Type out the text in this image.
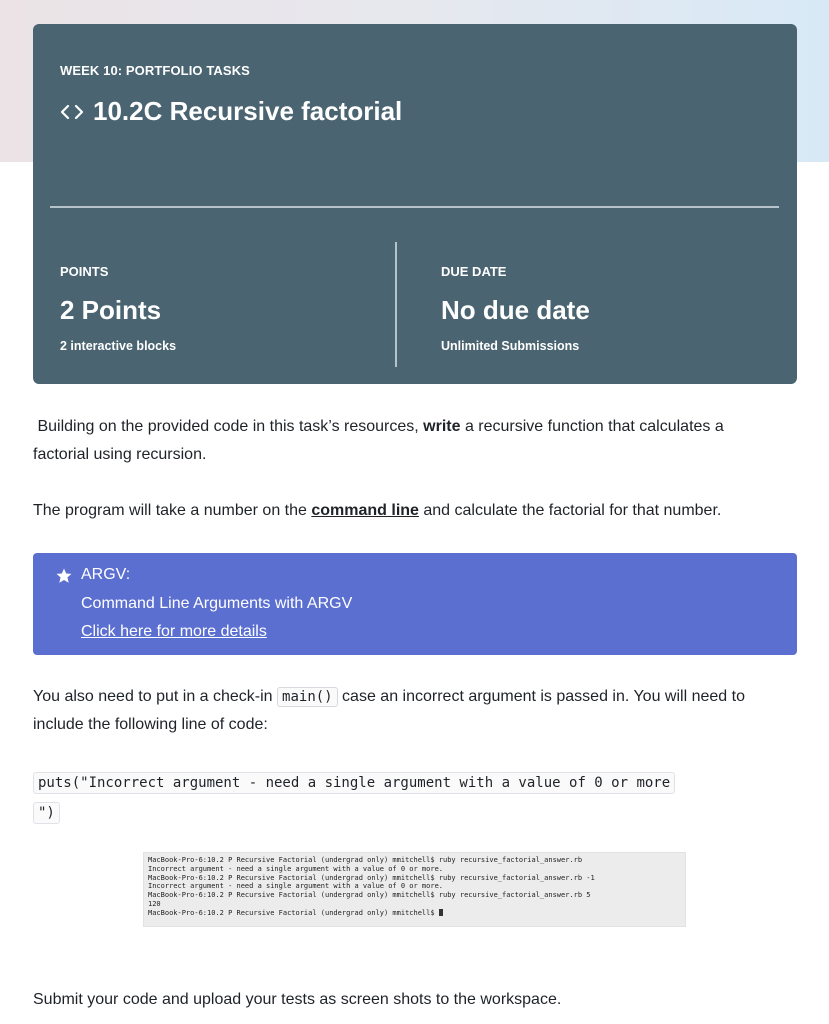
WEEK 10: PORTFOLIO TASKS
10.2C Recursive factorial
POINTS
2 Points
2 interactive blocks
DUE DATE
No due date
Unlimited Submissions
Building on the provided code in this task’s resources, write a recursive function that calculates a
factorial using recursion.
The program will take a number on the command line and calculate the factorial for that number.
ARGV:
Command Line Arguments with ARGV
Click here for more details
You also need to put in a check-in main() case an incorrect argument is passed in. You will need to
include the following line of code:
puts("Incorrect argument - need a single argument with a value of 0 or more
")
MacBook-Pro-6:10.2 P Recursive Factorial (undergrad only) mmitchell$ ruby recursive_factorial_answer.rb
Incorrect argument - need a single argument with a value of 0 or more.
MacBook-Pro-6:10.2 P Recursive Factorial (undergrad only) mmitchell$ ruby recursive_factorial_answer.rb -1
Incorrect argument - need a single argument with a value of 0 or more.
MacBook-Pro-6:10.2 P Recursive Factorial (undergrad only) mmitchell$ ruby recursive_factorial_answer.rb 5
120
MacBook-Pro-6:10.2 P Recursive Factorial (undergrad only) mmitchell$
Submit your code and upload your tests as screen shots to the workspace.
